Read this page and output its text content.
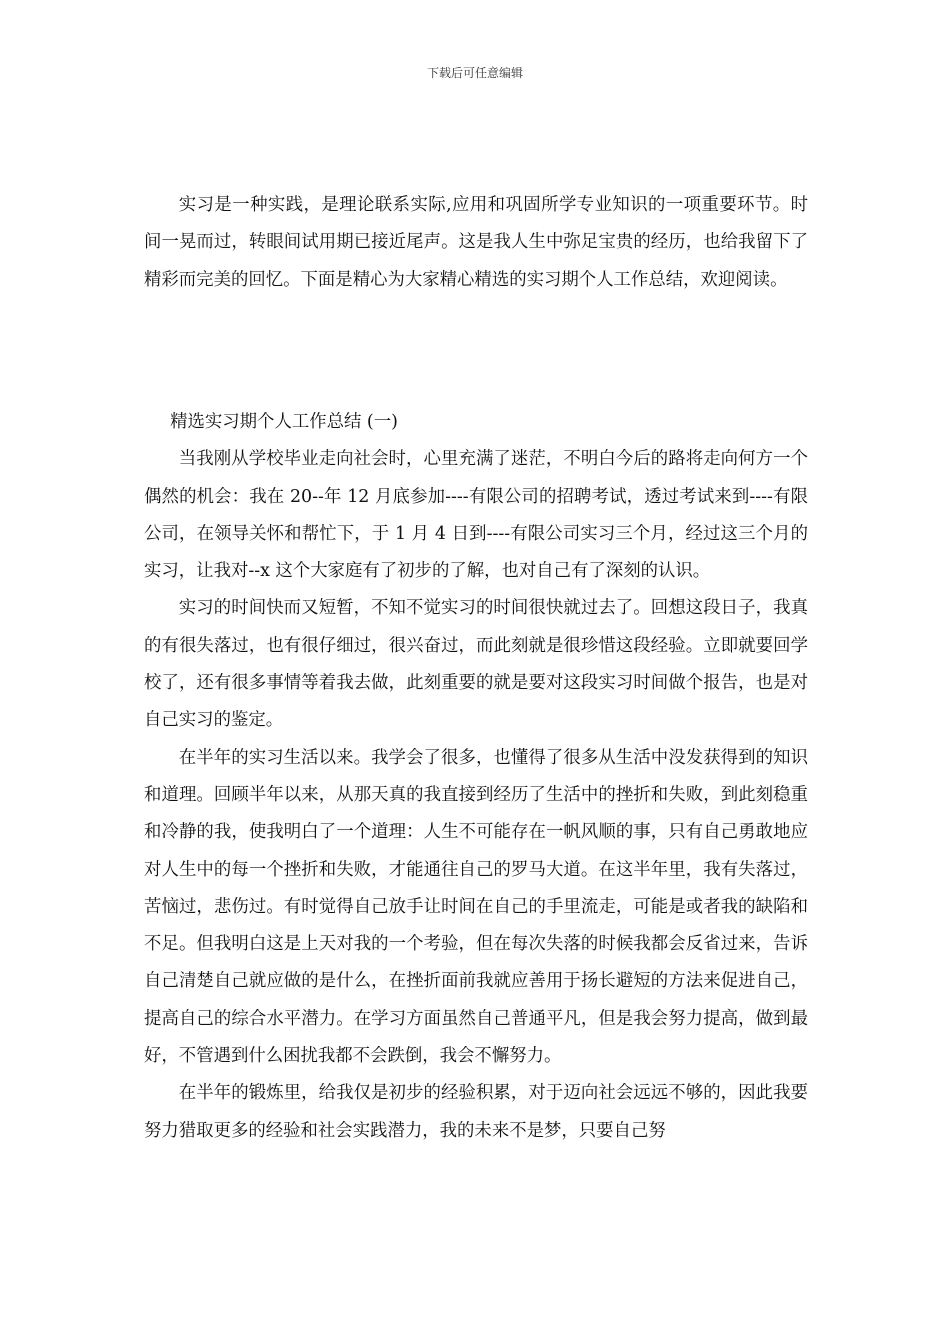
下载后可任意编辑

实习是一种实践，是理论联系实际,应用和巩固所学专业知识的一项重要环节。时间一晃而过，转眼间试用期已接近尾声。这是我人生中弥足宝贵的经历，也给我留下了精彩而完美的回忆。下面是精心为大家精心精选的实习期个人工作总结，欢迎阅读。

精选实习期个人工作总结 (一)

当我刚从学校毕业走向社会时，心里充满了迷茫，不明白今后的路将走向何方一个偶然的机会：我在 20--年 12 月底参加----有限公司的招聘考试，透过考试来到----有限公司，在领导关怀和帮忙下，于 1 月 4 日到----有限公司实习三个月，经过这三个月的实习，让我对--x 这个大家庭有了初步的了解，也对自己有了深刻的认识。

实习的时间快而又短暂，不知不觉实习的时间很快就过去了。回想这段日子，我真的有很失落过，也有很仔细过，很兴奋过，而此刻就是很珍惜这段经验。立即就要回学校了，还有很多事情等着我去做，此刻重要的就是要对这段实习时间做个报告，也是对自己实习的鉴定。

在半年的实习生活以来。我学会了很多，也懂得了很多从生活中没发获得到的知识和道理。回顾半年以来，从那天真的我直接到经历了生活中的挫折和失败，到此刻稳重和冷静的我，使我明白了一个道理：人生不可能存在一帆风顺的事，只有自己勇敢地应对人生中的每一个挫折和失败，才能通往自己的罗马大道。在这半年里，我有失落过，苦恼过，悲伤过。有时觉得自己放手让时间在自己的手里流走，可能是或者我的缺陷和不足。但我明白这是上天对我的一个考验，但在每次失落的时候我都会反省过来，告诉自己清楚自己就应做的是什么，在挫折面前我就应善用于扬长避短的方法来促进自己，提高自己的综合水平潜力。在学习方面虽然自己普通平凡，但是我会努力提高，做到最好，不管遇到什么困扰我都不会跌倒，我会不懈努力。

在半年的锻炼里，给我仅是初步的经验积累，对于迈向社会远远不够的，因此我要努力猎取更多的经验和社会实践潜力，我的未来不是梦，只要自己努
